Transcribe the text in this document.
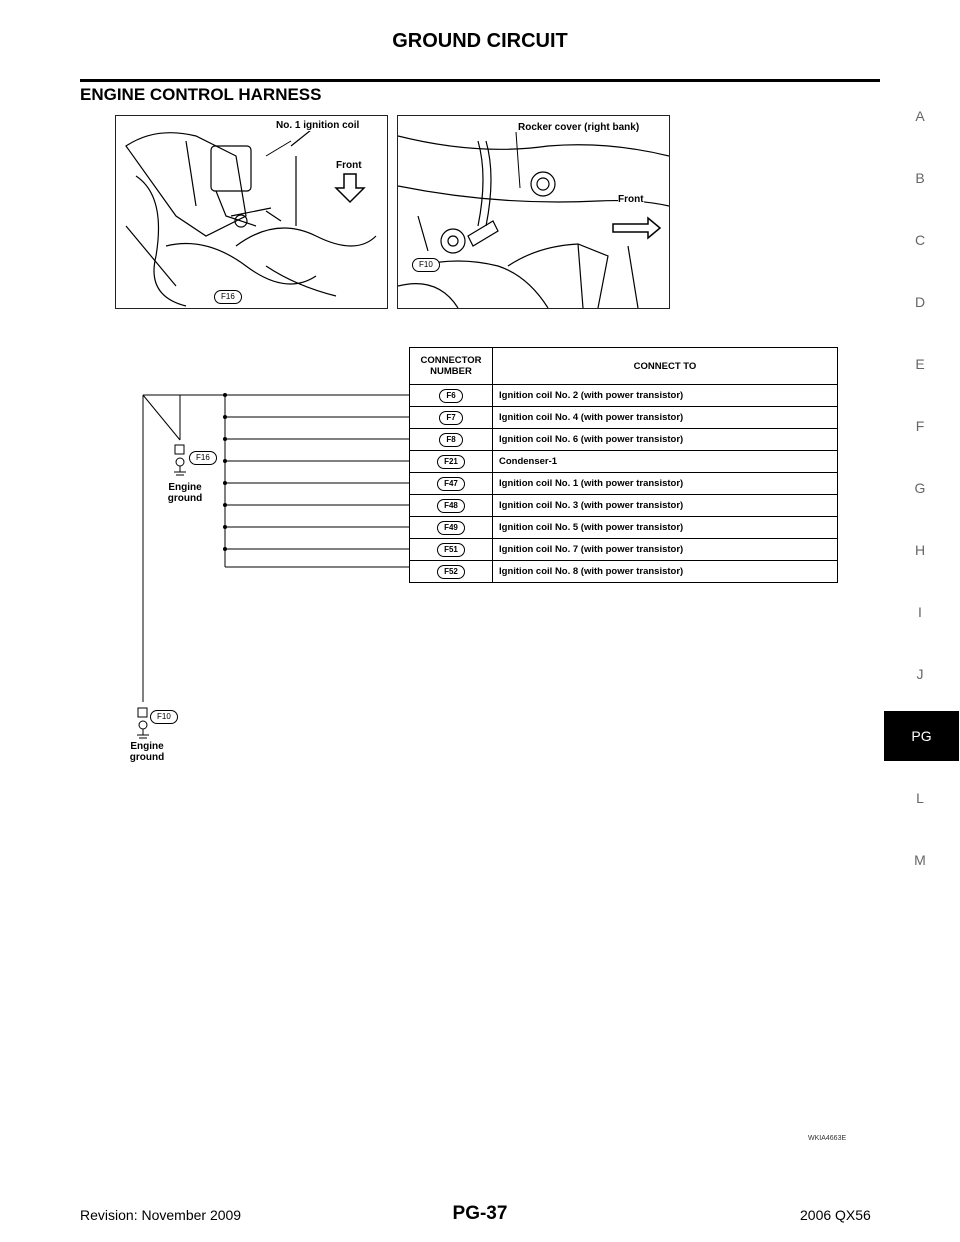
GROUND CIRCUIT
ENGINE CONTROL HARNESS
A
B
C
D
E
F
G
H
I
J
L
M
PG
No. 1 ignition coil
Front
F16
Rocker cover (right bank)
Front
F10
F16
Engine ground
F10
Engine ground
CONNECTOR NUMBER	CONNECT TO
F6	Ignition coil No. 2 (with power transistor)
F7	Ignition coil No. 4 (with power transistor)
F8	Ignition coil No. 6 (with power transistor)
F21	Condenser-1
F47	Ignition coil No. 1 (with power transistor)
F48	Ignition coil No. 3 (with power transistor)
F49	Ignition coil No. 5 (with power transistor)
F51	Ignition coil No. 7 (with power transistor)
F52	Ignition coil No. 8 (with power transistor)
WKIA4663E
Revision: November 2009	PG-37	2006 QX56
